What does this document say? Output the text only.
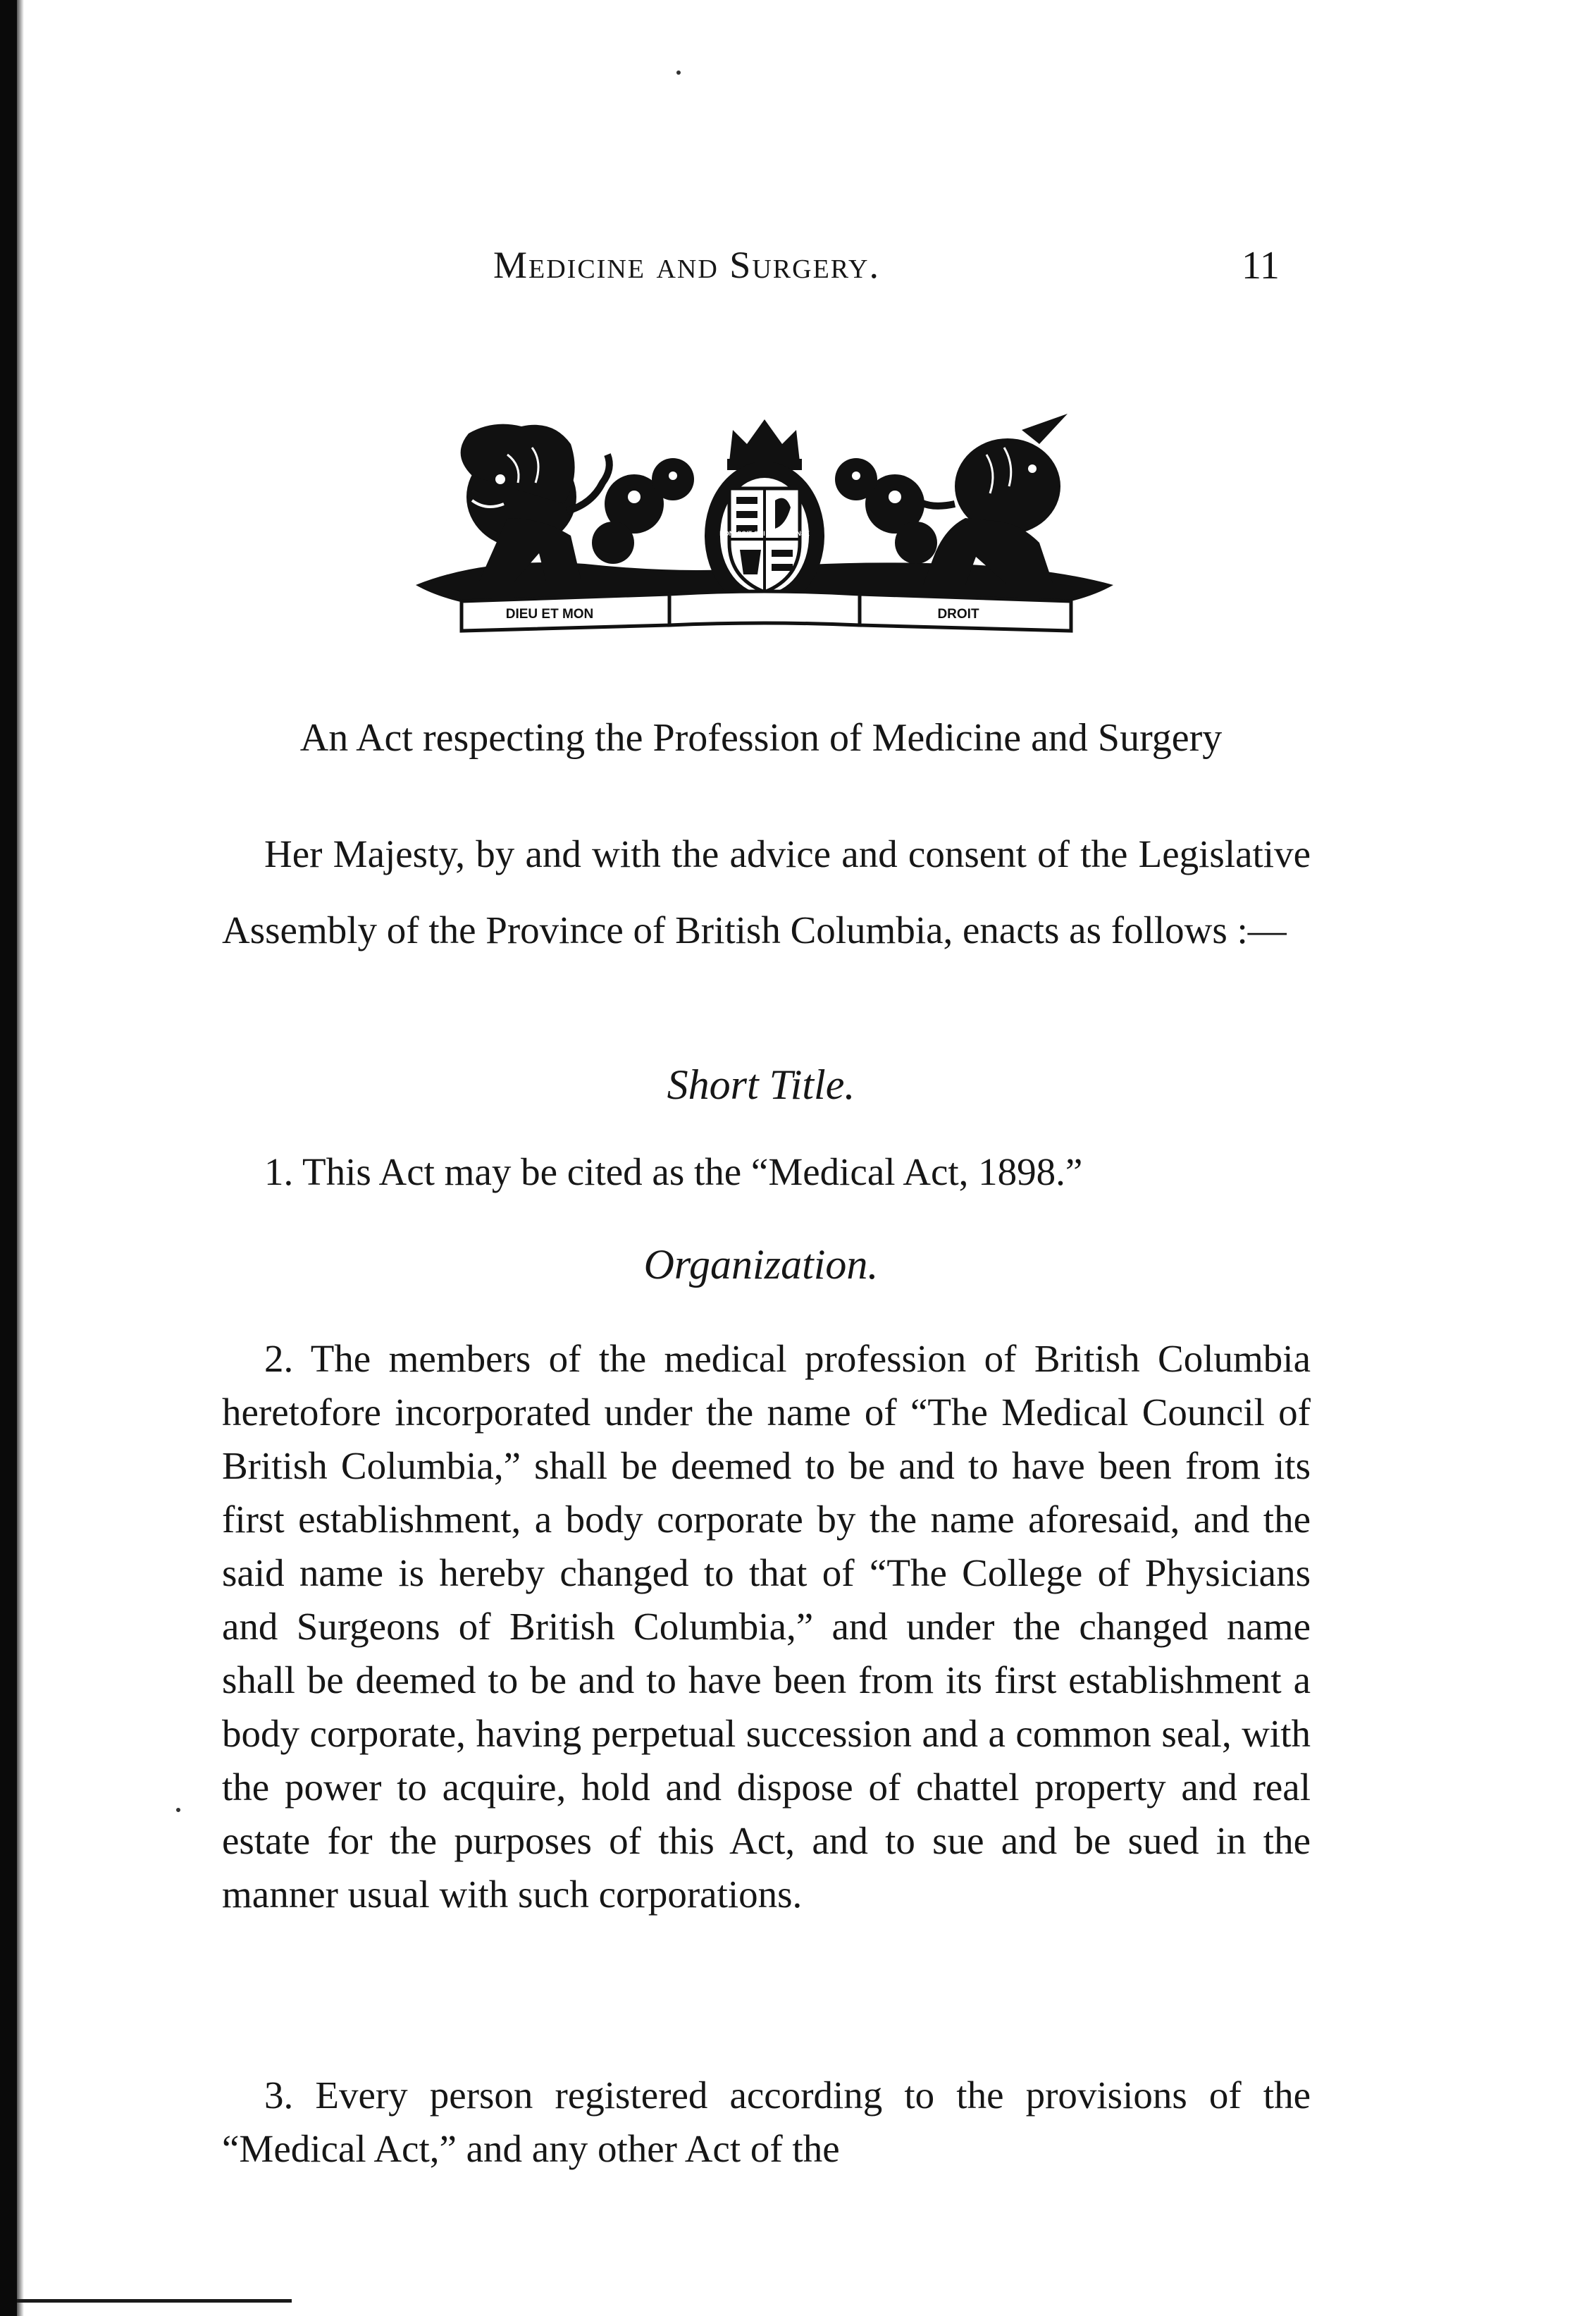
Medicine and Surgery.	11
DIEU ET MON	DROIT
HONI SOIT QUI MAL Y PENSE
An Act respecting the Profession of Medicine and Surgery
Her Majesty, by and with the advice and consent of the Legislative Assembly of the Province of British Columbia, enacts as follows :—
Short Title.
1. This Act may be cited as the “Medical Act, 1898.”
Organization.
2. The members of the medical profession of British Columbia heretofore incorporated under the name of “The Medical Council of British Columbia,” shall be deemed to be and to have been from its first establishment, a body corporate by the name aforesaid, and the said name is hereby changed to that of “The College of Physicians and Surgeons of British Columbia,” and under the changed name shall be deemed to be and to have been from its first establishment a body corporate, having perpetual succession and a common seal, with the power to acquire, hold and dispose of chattel property and real estate for the purposes of this Act, and to sue and be sued in the manner usual with such corporations.
3. Every person registered according to the provisions of the “Medical Act,” and any other Act of the
